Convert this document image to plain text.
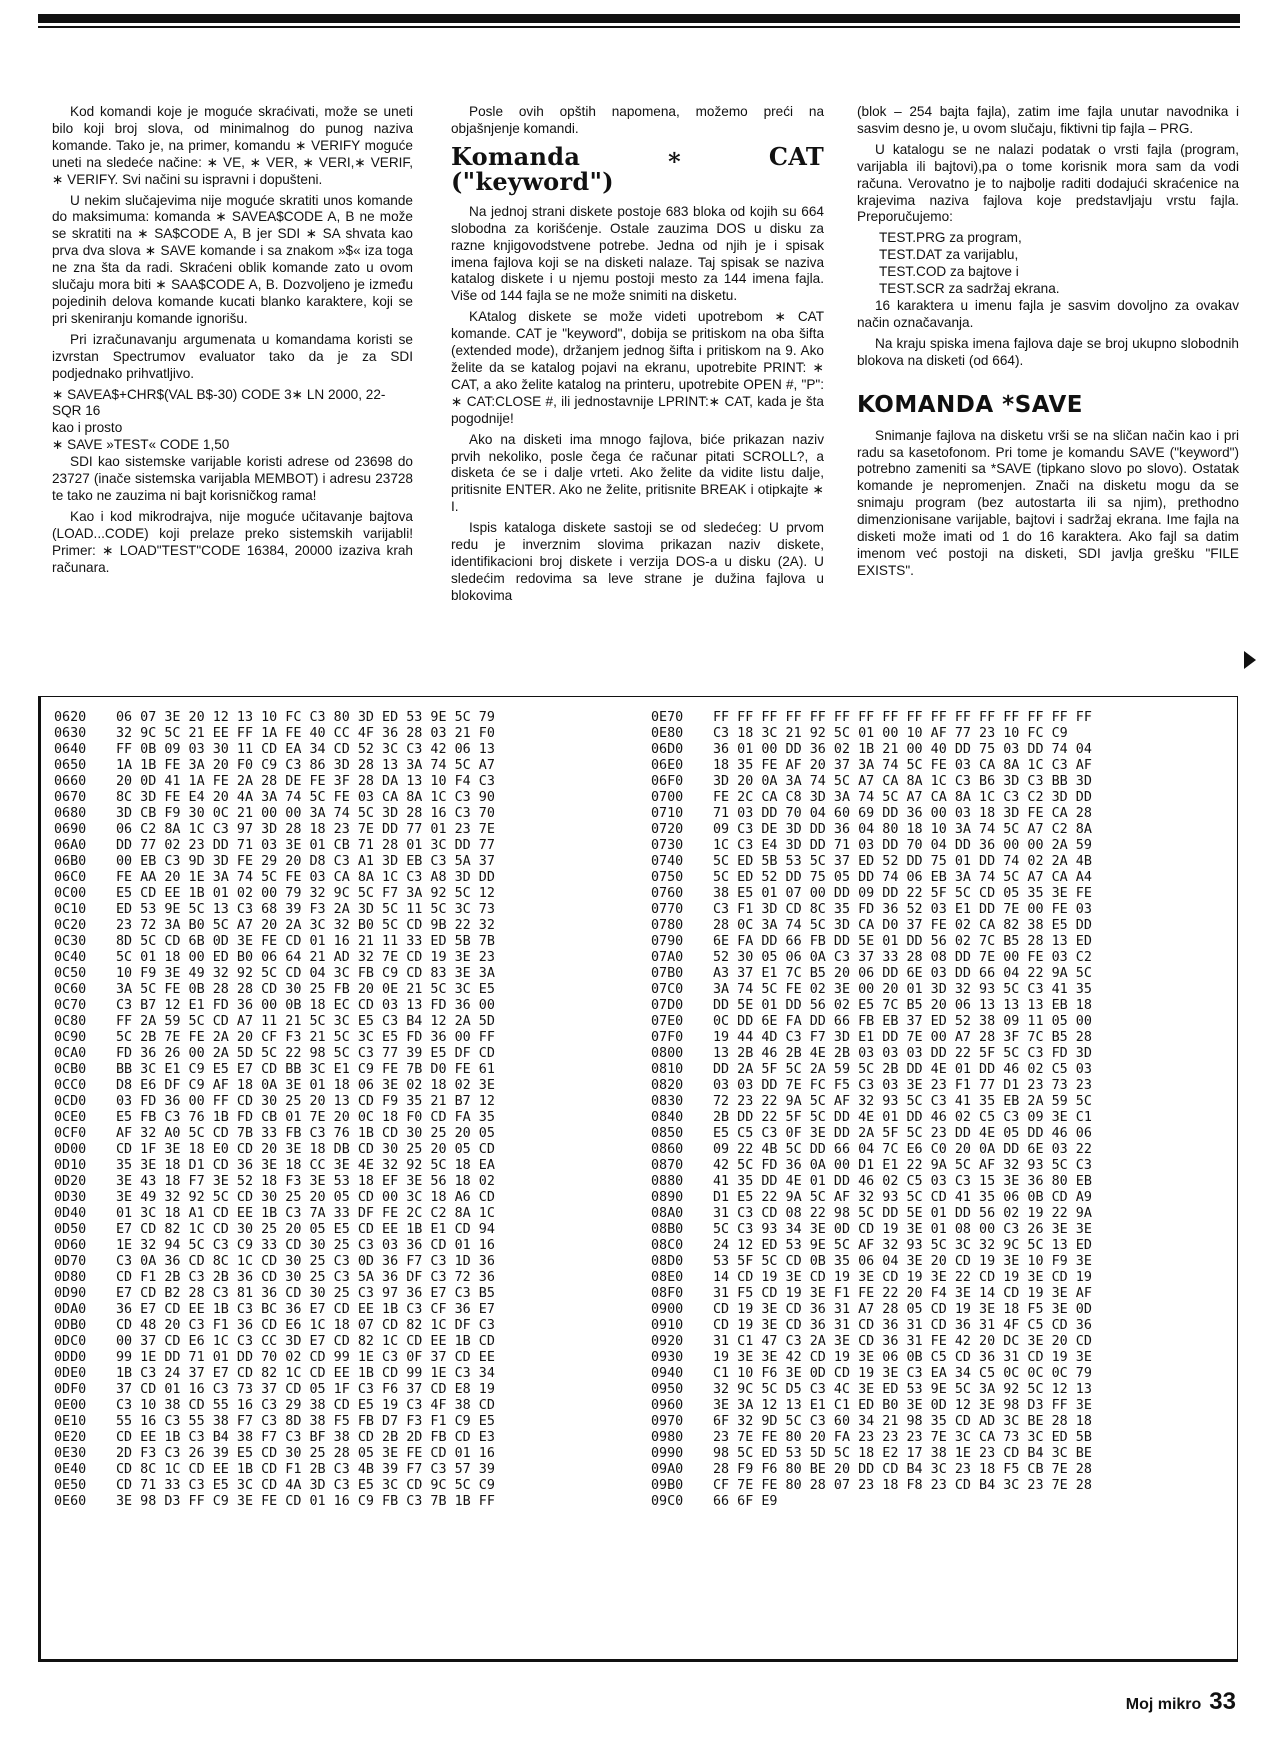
Kod komandi koje je moguće skraćivati, može se uneti bilo koji broj slova, od minimalnog do punog naziva komande. Tako je, na primer, komandu ∗ VERIFY moguće uneti na sledeće načine: ∗ VE, ∗ VER, ∗ VERI,∗ VERIF, ∗ VERIFY. Svi načini su ispravni i dopušteni.

U nekim slučajevima nije moguće skratiti unos komande do maksimuma: komanda ∗ SAVEA$CODE A, B ne može se skratiti na ∗ SA$CODE A, B jer SDI ∗ SA shvata kao prva dva slova ∗ SAVE komande i sa znakom »$« iza toga ne zna šta da radi. Skraćeni oblik komande zato u ovom slučaju mora biti ∗ SAA$CODE A, B. Dozvoljeno je između pojedinih delova komande kucati blanko karaktere, koji se pri skeniranju komande ignorišu.

Pri izračunavanju argumenata u komandama koristi se izvrstan Spectrumov evaluator tako da je za SDI podjednako prihvatljivo.

∗ SAVEA$+CHR$(VAL B$-30) CODE 3∗ LN 2000, 22-SQR 16

kao i prosto

∗ SAVE »TEST« CODE 1,50

SDI kao sistemske varijable koristi adrese od 23698 do 23727 (inače sistemska varijabla MEMBOT) i adresu 23728 te tako ne zauzima ni bajt korisničkog rama!

Kao i kod mikrodrajva, nije moguće učitavanje bajtova (LOAD...CODE) koji prelaze preko sistemskih varijabli! Primer: ∗ LOAD"TEST"CODE 16384, 20000 izaziva krah računara.

Posle ovih opštih napomena, možemo preći na objašnjenje komandi.

Komanda ∗ CAT ("keyword")

Na jednoj strani diskete postoje 683 bloka od kojih su 664 slobodna za korišćenje. Ostale zauzima DOS u disku za razne knjigovodstvene potrebe. Jedna od njih je i spisak imena fajlova koji se na disketi nalaze. Taj spisak se naziva katalog diskete i u njemu postoji mesto za 144 imena fajla. Više od 144 fajla se ne može snimiti na disketu.

KAtalog diskete se može videti upotrebom ∗ CAT komande. CAT je "keyword", dobija se pritiskom na oba šifta (extended mode), držanjem jednog šifta i pritiskom na 9. Ako želite da se katalog pojavi na ekranu, upotrebite PRINT: ∗ CAT, a ako želite katalog na printeru, upotrebite OPEN #, "P": ∗ CAT:CLOSE #, ili jednostavnije LPRINT:∗ CAT, kada je šta pogodnije!

Ako na disketi ima mnogo fajlova, biće prikazan naziv prvih nekoliko, posle čega će računar pitati SCROLL?, a disketa će se i dalje vrteti. Ako želite da vidite listu dalje, pritisnite ENTER. Ako ne želite, pritisnite BREAK i otipkajte ∗ I.

Ispis kataloga diskete sastoji se od sledećeg: U prvom redu je inverznim slovima prikazan naziv diskete, identifikacioni broj diskete i verzija DOS-a u disku (2A). U sledećim redovima sa leve strane je dužina fajlova u blokovima

(blok – 254 bajta fajla), zatim ime fajla unutar navodnika i sasvim desno je, u ovom slučaju, fiktivni tip fajla – PRG.

U katalogu se ne nalazi podatak o vrsti fajla (program, varijabla ili bajtovi),pa o tome korisnik mora sam da vodi računa. Verovatno je to najbolje raditi dodajući skraćenice na krajevima naziva fajlova koje predstavljaju vrstu fajla. Preporučujemo:

TEST.PRG za program,

TEST.DAT za varijablu,

TEST.COD za bajtove i

TEST.SCR za sadržaj ekrana.

16 karaktera u imenu fajla je sasvim dovoljno za ovakav način označavanja.

Na kraju spiska imena fajlova daje se broj ukupno slobodnih blokova na disketi (od 664).

KOMANDA *SAVE

Snimanje fajlova na disketu vrši se na sličan način kao i pri radu sa kasetofonom. Pri tome je komandu SAVE ("keyword") potrebno zameniti sa *SAVE (tipkano slovo po slovo). Ostatak komande je nepromenjen. Znači na disketu mogu da se snimaju program (bez autostarta ili sa njim), prethodno dimenzionisane varijable, bajtovi i sadržaj ekrana. Ime fajla na disketi može imati od 1 do 16 karaktera. Ako fajl sa datim imenom već postoji na disketi, SDI javlja grešku "FILE EXISTS".

0620 06 07 3E 20 12 13 10 FC C3 80 3D ED 53 9E 5C 79
0630 32 9C 5C 21 EE FF 1A FE 40 CC 4F 36 28 03 21 F0
0640 FF 0B 09 03 30 11 CD EA 34 CD 52 3C C3 42 06 13
0650 1A 1B FE 3A 20 F0 C9 C3 86 3D 28 13 3A 74 5C A7
0660 20 0D 41 1A FE 2A 28 DE FE 3F 28 DA 13 10 F4 C3
0670 8C 3D FE E4 20 4A 3A 74 5C FE 03 CA 8A 1C C3 90
0680 3D CB F9 30 0C 21 00 00 3A 74 5C 3D 28 16 C3 70
0690 06 C2 8A 1C C3 97 3D 28 18 23 7E DD 77 01 23 7E
06A0 DD 77 02 23 DD 71 03 3E 01 CB 71 28 01 3C DD 77
06B0 00 EB C3 9D 3D FE 29 20 D8 C3 A1 3D EB C3 5A 37
06C0 FE AA 20 1E 3A 74 5C FE 03 CA 8A 1C C3 A8 3D DD
0C00 E5 CD EE 1B 01 02 00 79 32 9C 5C F7 3A 92 5C 12
0C10 ED 53 9E 5C 13 C3 68 39 F3 2A 3D 5C 11 5C 3C 73
0C20 23 72 3A B0 5C A7 20 2A 3C 32 B0 5C CD 9B 22 32
0C30 8D 5C CD 6B 0D 3E FE CD 01 16 21 11 33 ED 5B 7B
0C40 5C 01 18 00 ED B0 06 64 21 AD 32 7E CD 19 3E 23
0C50 10 F9 3E 49 32 92 5C CD 04 3C FB C9 CD 83 3E 3A
0C60 3A 5C FE 0B 28 28 CD 30 25 FB 20 0E 21 5C 3C E5
0C70 C3 B7 12 E1 FD 36 00 0B 18 EC CD 03 13 FD 36 00
0C80 FF 2A 59 5C CD A7 11 21 5C 3C E5 C3 B4 12 2A 5D
0C90 5C 2B 7E FE 2A 20 CF F3 21 5C 3C E5 FD 36 00 FF
0CA0 FD 36 26 00 2A 5D 5C 22 98 5C C3 77 39 E5 DF CD
0CB0 BB 3C E1 C9 E5 E7 CD BB 3C E1 C9 FE 7B D0 FE 61
0CC0 D8 E6 DF C9 AF 18 0A 3E 01 18 06 3E 02 18 02 3E
0CD0 03 FD 36 00 FF CD 30 25 20 13 CD F9 35 21 B7 12
0CE0 E5 FB C3 76 1B FD CB 01 7E 20 0C 18 F0 CD FA 35
0CF0 AF 32 A0 5C CD 7B 33 FB C3 76 1B CD 30 25 20 05
0D00 CD 1F 3E 18 E0 CD 20 3E 18 DB CD 30 25 20 05 CD
0D10 35 3E 18 D1 CD 36 3E 18 CC 3E 4E 32 92 5C 18 EA
0D20 3E 43 18 F7 3E 52 18 F3 3E 53 18 EF 3E 56 18 02
0D30 3E 49 32 92 5C CD 30 25 20 05 CD 00 3C 18 A6 CD
0D40 01 3C 18 A1 CD EE 1B C3 7A 33 DF FE 2C C2 8A 1C
0D50 E7 CD 82 1C CD 30 25 20 05 E5 CD EE 1B E1 CD 94
0D60 1E 32 94 5C C3 C9 33 CD 30 25 C3 03 36 CD 01 16
0D70 C3 0A 36 CD 8C 1C CD 30 25 C3 0D 36 F7 C3 1D 36
0D80 CD F1 2B C3 2B 36 CD 30 25 C3 5A 36 DF C3 72 36
0D90 E7 CD B2 28 C3 81 36 CD 30 25 C3 97 36 E7 C3 B5
0DA0 36 E7 CD EE 1B C3 BC 36 E7 CD EE 1B C3 CF 36 E7
0DB0 CD 48 20 C3 F1 36 CD E6 1C 18 07 CD 82 1C DF C3
0DC0 00 37 CD E6 1C C3 CC 3D E7 CD 82 1C CD EE 1B CD
0DD0 99 1E DD 71 01 DD 70 02 CD 99 1E C3 0F 37 CD EE
0DE0 1B C3 24 37 E7 CD 82 1C CD EE 1B CD 99 1E C3 34
0DF0 37 CD 01 16 C3 73 37 CD 05 1F C3 F6 37 CD E8 19
0E00 C3 10 38 CD 55 16 C3 29 38 CD E5 19 C3 4F 38 CD
0E10 55 16 C3 55 38 F7 C3 8D 38 F5 FB D7 F3 F1 C9 E5
0E20 CD EE 1B C3 B4 38 F7 C3 BF 38 CD 2B 2D FB CD E3
0E30 2D F3 C3 26 39 E5 CD 30 25 28 05 3E FE CD 01 16
0E40 CD 8C 1C CD EE 1B CD F1 2B C3 4B 39 F7 C3 57 39
0E50 CD 71 33 C3 E5 3C CD 4A 3D C3 E5 3C CD 9C 5C C9
0E60 3E 98 D3 FF C9 3E FE CD 01 16 C9 FB C3 7B 1B FF
0E70 FF FF FF FF FF FF FF FF FF FF FF FF FF FF FF FF
0E80 C3 18 3C 21 92 5C 01 00 10 AF 77 23 10 FC C9
06D0 36 01 00 DD 36 02 1B 21 00 40 DD 75 03 DD 74 04
06E0 18 35 FE AF 20 37 3A 74 5C FE 03 CA 8A 1C C3 AF
06F0 3D 20 0A 3A 74 5C A7 CA 8A 1C C3 B6 3D C3 BB 3D
0700 FE 2C CA C8 3D 3A 74 5C A7 CA 8A 1C C3 C2 3D DD
0710 71 03 DD 70 04 60 69 DD 36 00 03 18 3D FE CA 28
0720 09 C3 DE 3D DD 36 04 80 18 10 3A 74 5C A7 C2 8A
0730 1C C3 E4 3D DD 71 03 DD 70 04 DD 36 00 00 2A 59
0740 5C ED 5B 53 5C 37 ED 52 DD 75 01 DD 74 02 2A 4B
0750 5C ED 52 DD 75 05 DD 74 06 EB 3A 74 5C A7 CA A4
0760 38 E5 01 07 00 DD 09 DD 22 5F 5C CD 05 35 3E FE
0770 C3 F1 3D CD 8C 35 FD 36 52 03 E1 DD 7E 00 FE 03
0780 28 0C 3A 74 5C 3D CA D0 37 FE 02 CA 82 38 E5 DD
0790 6E FA DD 66 FB DD 5E 01 DD 56 02 7C B5 28 13 ED
07A0 52 30 05 06 0A C3 37 33 28 08 DD 7E 00 FE 03 C2
07B0 A3 37 E1 7C B5 20 06 DD 6E 03 DD 66 04 22 9A 5C
07C0 3A 74 5C FE 02 3E 00 20 01 3D 32 93 5C C3 41 35
07D0 DD 5E 01 DD 56 02 E5 7C B5 20 06 13 13 13 EB 18
07E0 0C DD 6E FA DD 66 FB EB 37 ED 52 38 09 11 05 00
07F0 19 44 4D C3 F7 3D E1 DD 7E 00 A7 28 3F 7C B5 28
0800 13 2B 46 2B 4E 2B 03 03 03 DD 22 5F 5C C3 FD 3D
0810 DD 2A 5F 5C 2A 59 5C 2B DD 4E 01 DD 46 02 C5 03
0820 03 03 DD 7E FC F5 C3 03 3E 23 F1 77 D1 23 73 23
0830 72 23 22 9A 5C AF 32 93 5C C3 41 35 EB 2A 59 5C
0840 2B DD 22 5F 5C DD 4E 01 DD 46 02 C5 C3 09 3E C1
0850 E5 C5 C3 0F 3E DD 2A 5F 5C 23 DD 4E 05 DD 46 06
0860 09 22 4B 5C DD 66 04 7C E6 C0 20 0A DD 6E 03 22
0870 42 5C FD 36 0A 00 D1 E1 22 9A 5C AF 32 93 5C C3
0880 41 35 DD 4E 01 DD 46 02 C5 03 C3 15 3E 36 80 EB
0890 D1 E5 22 9A 5C AF 32 93 5C CD 41 35 06 0B CD A9
08A0 31 C3 CD 08 22 98 5C DD 5E 01 DD 56 02 19 22 9A
08B0 5C C3 93 34 3E 0D CD 19 3E 01 08 00 C3 26 3E 3E
08C0 24 12 ED 53 9E 5C AF 32 93 5C 3C 32 9C 5C 13 ED
08D0 53 5F 5C CD 0B 35 06 04 3E 20 CD 19 3E 10 F9 3E
08E0 14 CD 19 3E CD 19 3E CD 19 3E 22 CD 19 3E CD 19
08F0 31 F5 CD 19 3E F1 FE 22 20 F4 3E 14 CD 19 3E AF
0900 CD 19 3E CD 36 31 A7 28 05 CD 19 3E 18 F5 3E 0D
0910 CD 19 3E CD 36 31 CD 36 31 CD 36 31 4F C5 CD 36
0920 31 C1 47 C3 2A 3E CD 36 31 FE 42 20 DC 3E 20 CD
0930 19 3E 3E 42 CD 19 3E 06 0B C5 CD 36 31 CD 19 3E
0940 C1 10 F6 3E 0D CD 19 3E C3 EA 34 C5 0C 0C 0C 79
0950 32 9C 5C D5 C3 4C 3E ED 53 9E 5C 3A 92 5C 12 13
0960 3E 3A 12 13 E1 C1 ED B0 3E 0D 12 3E 98 D3 FF 3E
0970 6F 32 9D 5C C3 60 34 21 98 35 CD AD 3C BE 28 18
0980 23 7E FE 80 20 FA 23 23 23 7E 3C CA 73 3C ED 5B
0990 98 5C ED 53 5D 5C 18 E2 17 38 1E 23 CD B4 3C BE
09A0 28 F9 F6 80 BE 20 DD CD B4 3C 23 18 F5 CB 7E 28
09B0 CF 7E FE 80 28 07 23 18 F8 23 CD B4 3C 23 7E 28
09C0 66 6F E9
Moj mikro 33
